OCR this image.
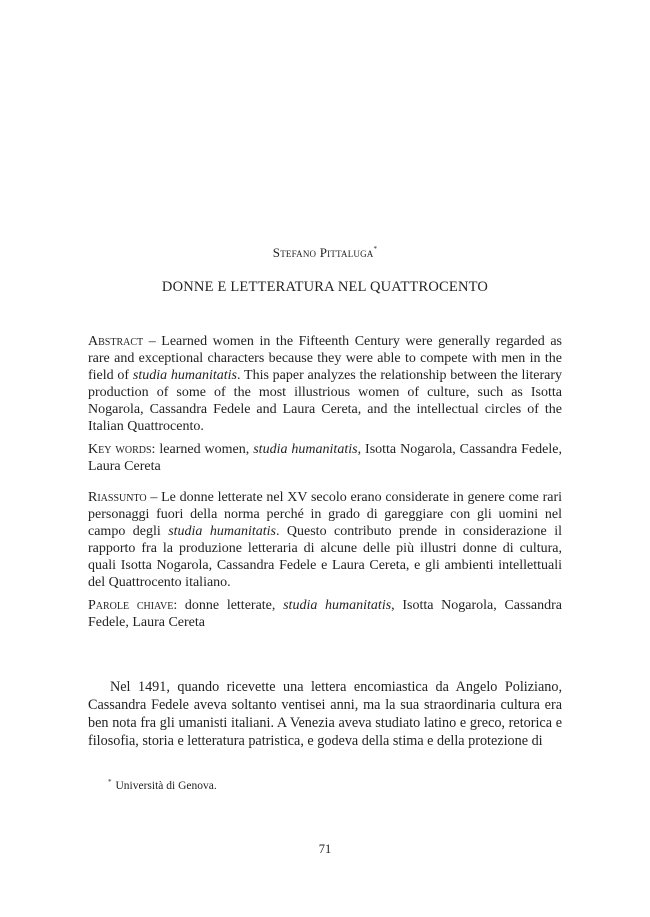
Stefano Pittaluga*
DONNE E LETTERATURA NEL QUATTROCENTO

Abstract – Learned women in the Fifteenth Century were generally regarded as rare and exceptional characters because they were able to compete with men in the field of studia humanitatis. This paper analyzes the relationship between the literary production of some of the most illustrious women of culture, such as Isotta Nogarola, Cassandra Fedele and Laura Cereta, and the intellectual circles of the Italian Quattrocento.

Key words: learned women, studia humanitatis, Isotta Nogarola, Cassandra Fedele, Laura Cereta

Riassunto – Le donne letterate nel XV secolo erano considerate in genere come rari personaggi fuori della norma perché in grado di gareggiare con gli uomini nel campo degli studia humanitatis. Questo contributo prende in considerazione il rapporto fra la produzione letteraria di alcune delle più illustri donne di cultura, quali Isotta Nogarola, Cassandra Fedele e Laura Cereta, e gli ambienti intellettuali del Quattrocento italiano.

Parole chiave: donne letterate, studia humanitatis, Isotta Nogarola, Cassandra Fedele, Laura Cereta

Nel 1491, quando ricevette una lettera encomiastica da Angelo Poliziano, Cassandra Fedele aveva soltanto ventisei anni, ma la sua straordinaria cultura era ben nota fra gli umanisti italiani. A Venezia aveva studiato latino e greco, retorica e filosofia, storia e letteratura patristica, e godeva della stima e della protezione di

* Università di Genova.
71
